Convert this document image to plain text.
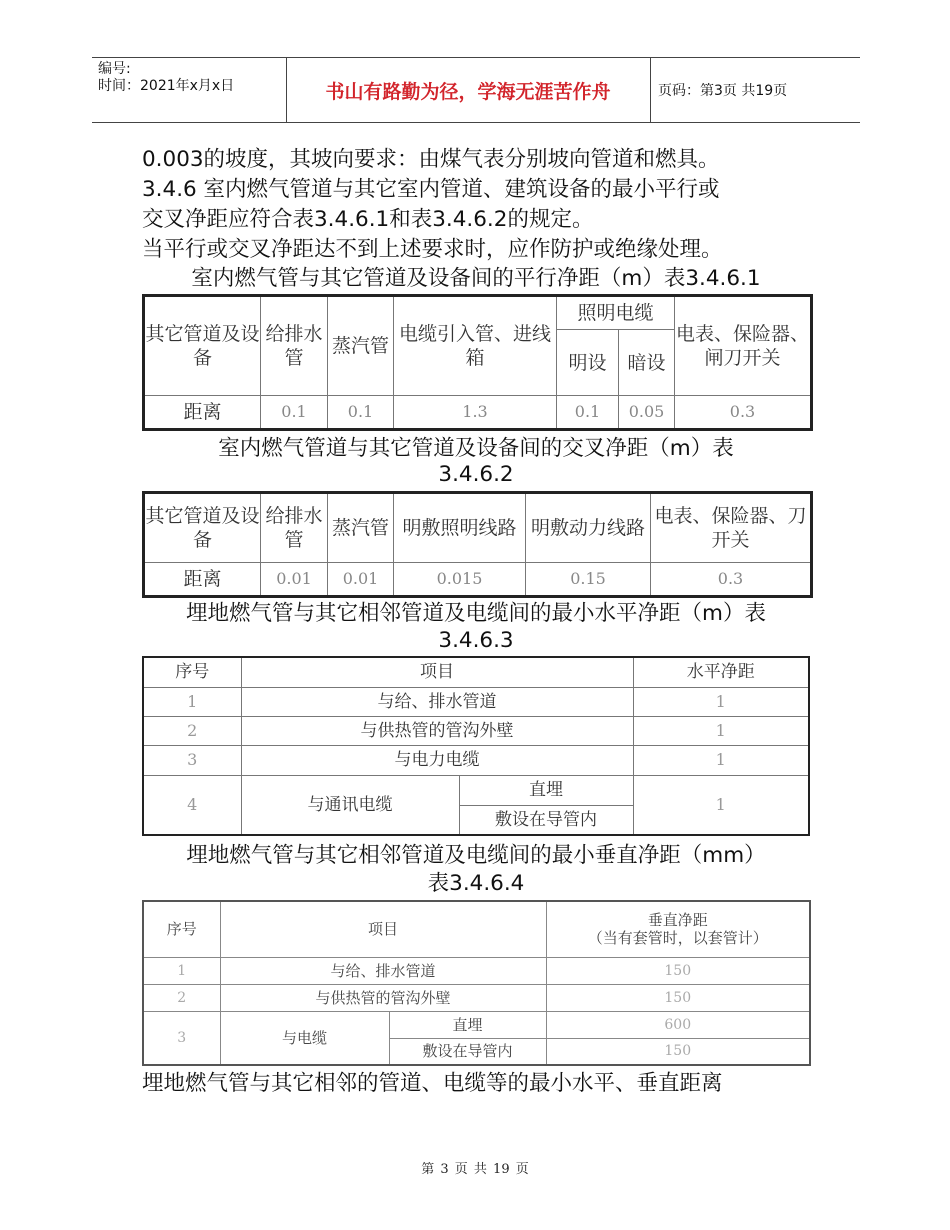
编号:
时间：2021年x月x日	书山有路勤为径，学海无涯苦作舟	页码：第3页 共19页
0.003的坡度，其坡向要求：由煤气表分别坡向管道和燃具。
3.4.6 室内燃气管道与其它室内管道、建筑设备的最小平行或
交叉净距应符合表3.4.6.1和表3.4.6.2的规定。
当平行或交叉净距达不到上述要求时，应作防护或绝缘处理。
室内燃气管与其它管道及设备间的平行净距（m）表3.4.6.1
其它管道及设备	给排水管	蒸汽管	电缆引入管、进线箱	照明电缆		电表、保险器、闸刀开关
				明设	暗设	
距离	0.1	0.1	1.3	0.1	0.05	0.3
室内燃气管道与其它管道及设备间的交叉净距（m）表
3.4.6.2
其它管道及设备	给排水管	蒸汽管	明敷照明线路	明敷动力线路	电表、保险器、刀开关
距离	0.01	0.01	0.015	0.15	0.3
埋地燃气管与其它相邻管道及电缆间的最小水平净距（m）表
3.4.6.3
序号	项目		水平净距
1	与给、排水管道		1
2	与供热管的管沟外壁		1
3	与电力电缆		1
4	与通讯电缆	直埋	1
		敷设在导管内	
埋地燃气管与其它相邻管道及电缆间的最小垂直净距（mm）
表3.4.6.4
序号	项目		垂直净距
（当有套管时，以套管计）

1	与给、排水管道		150
2	与供热管的管沟外壁		150
3	与电缆	直埋	600
		敷设在导管内	150
埋地燃气管与其它相邻的管道、电缆等的最小水平、垂直距离
第 3 页 共 19 页
